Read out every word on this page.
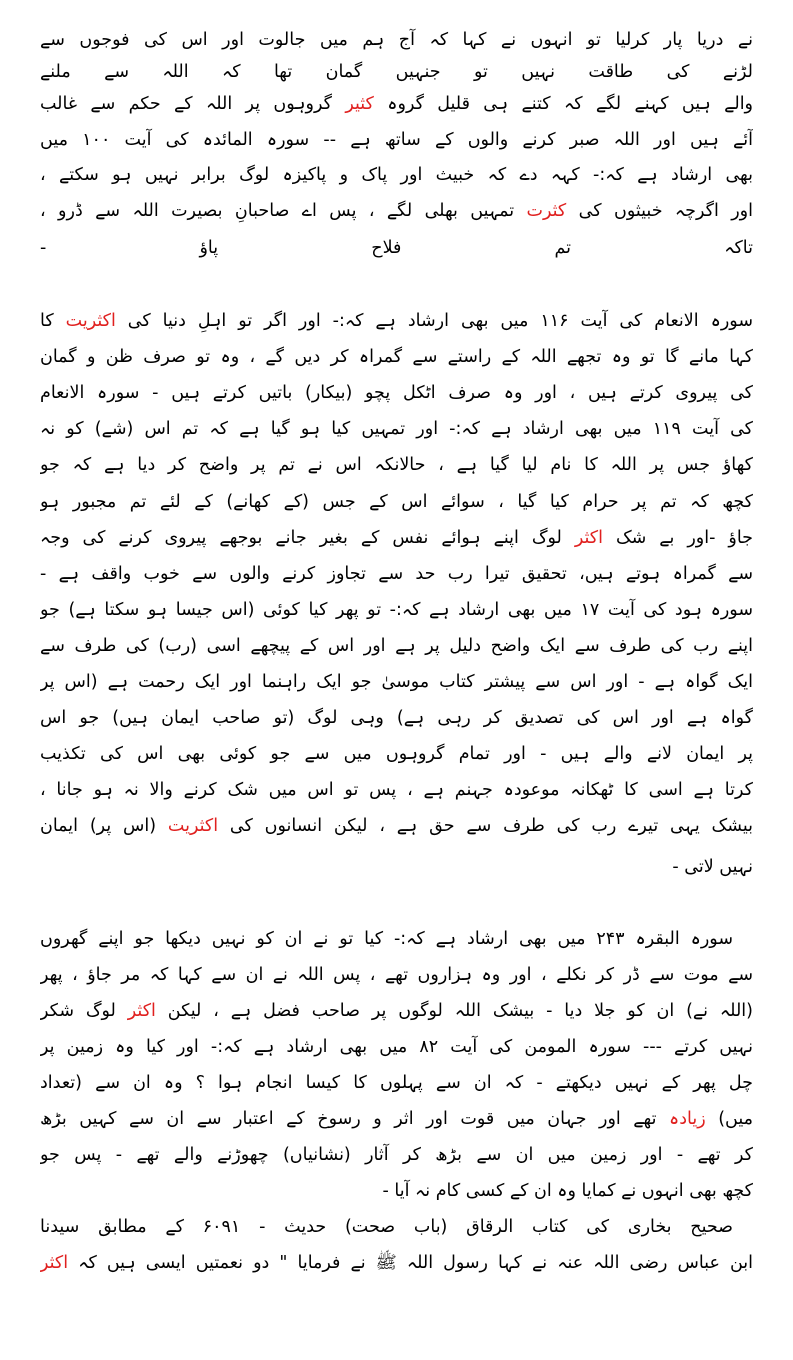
نے دریا پار کرلیا تو انہوں نے کہا کہ آج ہم میں جالوت اور اس کی فوجوں سے
لڑنے کی طاقت نہیں تو جنہیں گمان تھا کہ اللہ سے ملنے
والے ہیں کہنے لگے کہ کتنے ہی قلیل گروہ کثیر گروہوں پر اللہ کے حکم سے غالب
آئے ہیں اور اللہ صبر کرنے والوں کے ساتھ ہے -- سورہ المائدہ کی آیت ۱۰۰ میں
بھی ارشاد ہے کہ:- کہہ دے کہ خبیث اور پاک و پاکیزہ لوگ برابر نہیں ہو سکتے ،
اور اگرچہ خبیثوں کی کثرت تمہیں بھلی لگے ، پس اے صاحبانِ بصیرت اللہ سے ڈرو ،
تاکہ تم فلاح پاؤ -
سورہ الانعام کی آیت ۱۱۶ میں بھی ارشاد ہے کہ:- اور اگر تو اہلِ دنیا کی اکثریت کا
کہا مانے گا تو وہ تجھے اللہ کے راستے سے گمراہ کر دیں گے ، وہ تو صرف ظن و گمان
کی پیروی کرتے ہیں ، اور وہ صرف اٹکل پچو (بیکار) باتیں کرتے ہیں - سورہ الانعام
کی آیت ۱۱۹ میں بھی ارشاد ہے کہ:- اور تمہیں کیا ہو گیا ہے کہ تم اس (شے) کو نہ
کھاؤ جس پر اللہ کا نام لیا گیا ہے ، حالانکہ اس نے تم پر واضح کر دیا ہے کہ جو
کچھ کہ تم پر حرام کیا گیا ، سوائے اس کے جس (کے کھانے) کے لئے تم مجبور ہو
جاؤ -اور بے شک اکثر لوگ اپنے ہوائے نفس کے بغیر جانے بوجھے پیروی کرنے کی وجہ
سے گمراہ ہوتے ہیں، تحقیق تیرا رب حد سے تجاوز کرنے والوں سے خوب واقف ہے -
سورہ ہود کی آیت ۱۷ میں بھی ارشاد ہے کہ:- تو پھر کیا کوئی (اس جیسا ہو سکتا ہے) جو
اپنے رب کی طرف سے ایک واضح دلیل پر ہے اور اس کے پیچھے اسی (رب) کی طرف سے
ایک گواہ ہے - اور اس سے پیشتر کتاب موسیٰ جو ایک راہنما اور ایک رحمت ہے (اس پر
گواہ ہے اور اس کی تصدیق کر رہی ہے) وہی لوگ (تو صاحب ایمان ہیں) جو اس
پر ایمان لانے والے ہیں - اور تمام گروہوں میں سے جو کوئی بھی اس کی تکذیب
کرتا ہے اسی کا ٹھکانہ موعودہ جہنم ہے ، پس تو اس میں شک کرنے والا نہ ہو جانا ،
بیشک یہی تیرے رب کی طرف سے حق ہے ، لیکن انسانوں کی اکثریت (اس پر) ایمان
نہیں لاتی -
سورہ البقرہ ۲۴۳ میں بھی ارشاد ہے کہ:- کیا تو نے ان کو نہیں دیکھا جو اپنے گھروں
سے موت سے ڈر کر نکلے ، اور وہ ہزاروں تھے ، پس اللہ نے ان سے کہا کہ مر جاؤ ، پھر
(اللہ نے) ان کو جلا دیا - بیشک اللہ لوگوں پر صاحب فضل ہے ، لیکن اکثر لوگ شکر
نہیں کرتے --- سورہ المومن کی آیت ۸۲ میں بھی ارشاد ہے کہ:- اور کیا وہ زمین پر
چل پھر کے نہیں دیکھتے - کہ ان سے پہلوں کا کیسا انجام ہوا ؟ وہ ان سے (تعداد
میں) زیادہ تھے اور جہان میں قوت اور اثر و رسوخ کے اعتبار سے ان سے کہیں بڑھ
کر تھے - اور زمین میں ان سے بڑھ کر آثار (نشانیاں) چھوڑنے والے تھے - پس جو
کچھ بھی انہوں نے کمایا وہ ان کے کسی کام نہ آیا -
صحیح بخاری کی کتاب الرقاق (باب صحت) حدیث - ۶۰۹۱ کے مطابق سیدنا
ابن عباس رضی اللہ عنہ نے کہا رسول اللہ ﷺ نے فرمایا " دو نعمتیں ایسی ہیں کہ اکثر
